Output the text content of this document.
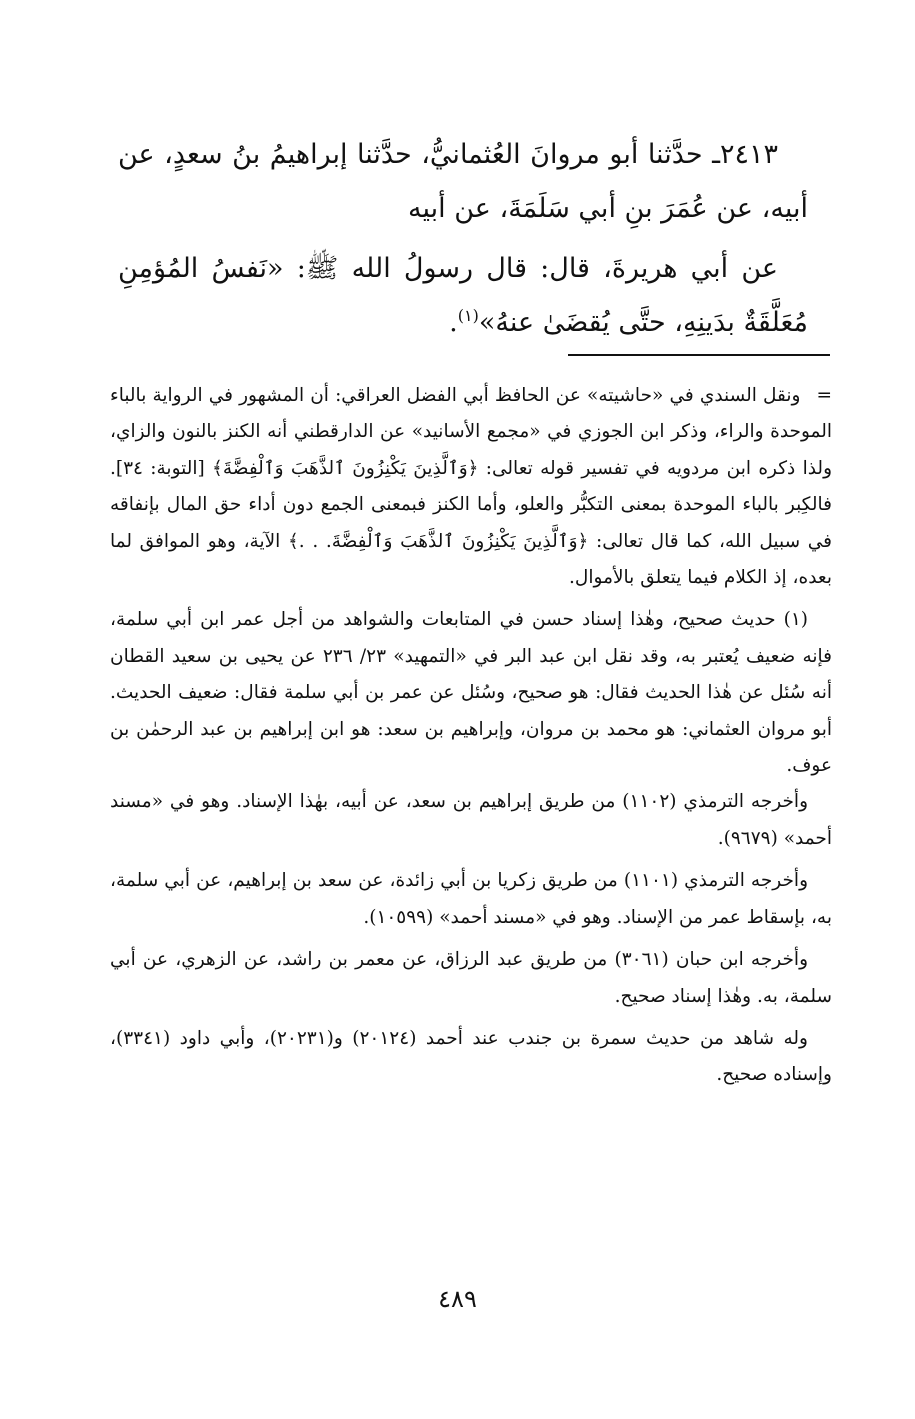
٢٤١٣ـ حدَّثنا أبو مروانَ العُثمانيُّ، حدَّثنا إبراهيمُ بنُ سعدٍ، عن أبيه، عن عُمَرَ بنِ أبي سَلَمَةَ، عن أبيه

عن أبي هريرةَ، قال: قال رسولُ الله ﷺ: «نَفسُ المُؤمِنِ مُعَلَّقَةٌ بدَينِهِ، حتَّى يُقضَىٰ عنهُ»$^{(١)}$.

=ونقل السندي في «حاشيته» عن الحافظ أبي الفضل العراقي: أن المشهور في الرواية بالباء الموحدة والراء، وذكر ابن الجوزي في «مجمع الأسانيد» عن الدارقطني أنه الكنز بالنون والزاي، ولذا ذكره ابن مردويه في تفسير قوله تعالى: ﴿وَٱلَّذِينَ يَكْنِزُونَ ٱلذَّهَبَ وَٱلْفِضَّةَ﴾ [التوبة: ٣٤]. فالكِبر بالباء الموحدة بمعنى التكبُّر والعلو، وأما الكنز فبمعنى الجمع دون أداء حق المال بإنفاقه في سبيل الله، كما قال تعالى: ﴿وَٱلَّذِينَ يَكْنِزُونَ ٱلذَّهَبَ وَٱلْفِضَّةَ. . .﴾ الآية، وهو الموافق لما بعده، إذ الكلام فيما يتعلق بالأموال.

(١) حديث صحيح، وهٰذا إسناد حسن في المتابعات والشواهد من أجل عمر ابن أبي سلمة، فإنه ضعيف يُعتبر به، وقد نقل ابن عبد البر في «التمهيد» ٢٣/ ٢٣٦ عن يحيى بن سعيد القطان أنه سُئل عن هٰذا الحديث فقال: هو صحيح، وسُئل عن عمر بن أبي سلمة فقال: ضعيف الحديث. أبو مروان العثماني: هو محمد بن مروان، وإبراهيم بن سعد: هو ابن إبراهيم بن عبد الرحمٰن بن عوف.

وأخرجه الترمذي (١١٠٢) من طريق إبراهيم بن سعد، عن أبيه، بهٰذا الإسناد. وهو في «مسند أحمد» (٩٦٧٩).

وأخرجه الترمذي (١١٠١) من طريق زكريا بن أبي زائدة، عن سعد بن إبراهيم، عن أبي سلمة، به، بإسقاط عمر من الإسناد. وهو في «مسند أحمد» (١٠٥٩٩).

وأخرجه ابن حبان (٣٠٦١) من طريق عبد الرزاق، عن معمر بن راشد، عن الزهري، عن أبي سلمة، به. وهٰذا إسناد صحيح.

وله شاهد من حديث سمرة بن جندب عند أحمد (٢٠١٢٤) و(٢٠٢٣١)، وأبي داود (٣٣٤١)، وإسناده صحيح.

٤٨٩
